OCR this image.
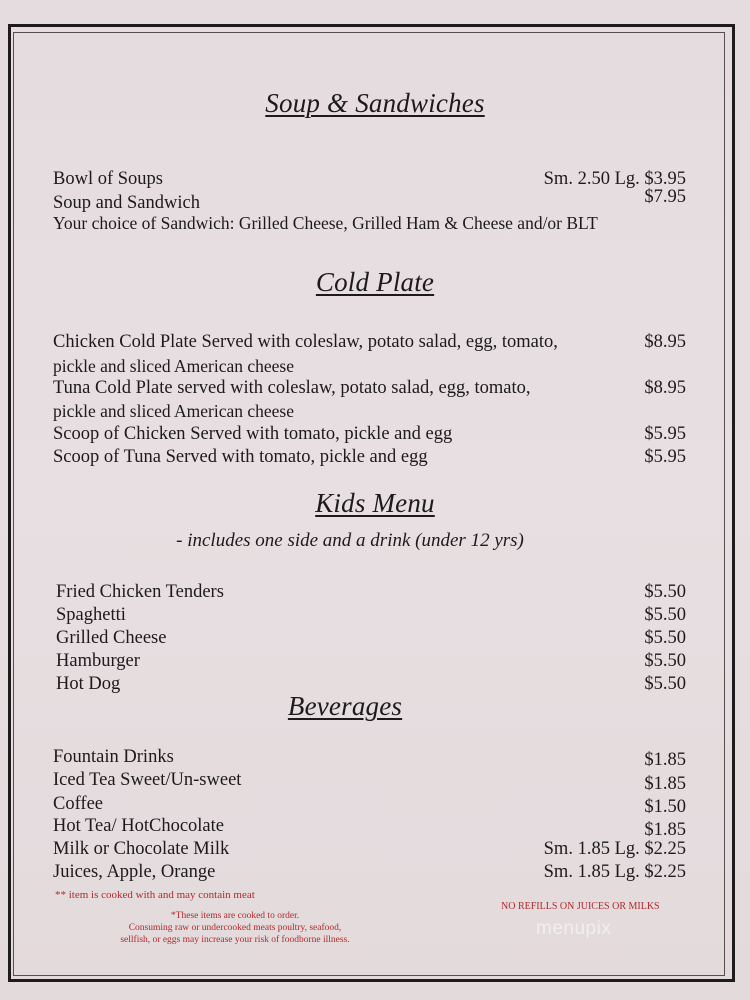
Soup & Sandwiches
Bowl of Soups	Sm. 2.50 Lg. $3.95
Soup and Sandwich	$7.95
Your choice of Sandwich: Grilled Cheese, Grilled Ham & Cheese and/or BLT
Cold Plate
Chicken Cold Plate Served with coleslaw, potato salad, egg, tomato,	$8.95
pickle and sliced American cheese
Tuna Cold Plate served with coleslaw, potato salad, egg, tomato,	$8.95
pickle and sliced American cheese
Scoop of Chicken Served with tomato, pickle and egg	$5.95
Scoop of Tuna Served with tomato, pickle and egg	$5.95
Kids Menu
- includes one side and a drink (under 12 yrs)
Fried Chicken Tenders	$5.50
Spaghetti	$5.50
Grilled Cheese	$5.50
Hamburger	$5.50
Hot Dog	$5.50
Beverages
Fountain Drinks	$1.85
Iced Tea Sweet/Un-sweet	$1.85
Coffee	$1.50
Hot Tea/ HotChocolate	$1.85
Milk or Chocolate Milk	Sm. 1.85 Lg. $2.25
Juices, Apple, Orange	Sm. 1.85 Lg. $2.25
** item is cooked with and may contain meat
NO REFILLS ON JUICES OR MILKS
*These items are cooked to order.
Consuming raw or undercooked meats poultry, seafood,
sellfish, or eggs may increase your risk of foodborne illness.
menupix
